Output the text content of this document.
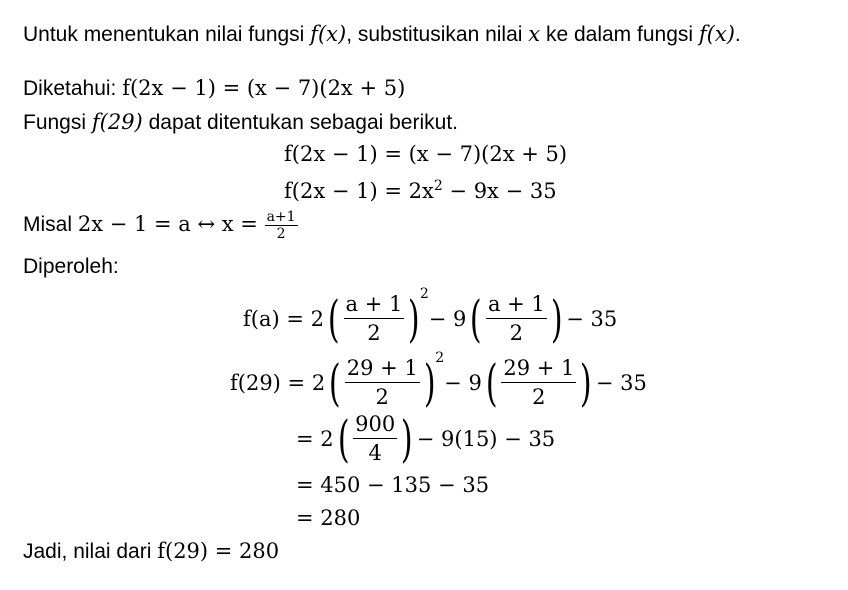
Untuk menentukan nilai fungsi f(x), substitusikan nilai x ke dalam fungsi f(x).
Diketahui: f(2x − 1) = (x − 7)(2x + 5)
Fungsi f(29) dapat ditentukan sebagai berikut.
f(2x − 1) = (x − 7)(2x + 5)
$f(2x - 1) = 2x^2 - 9x - 35$
Misal 2x − 1 = a ↔ $x = \frac{a+1}{2}$
Diperoleh:
$f(a) = 2( \frac{a + 1}{2} )^2- 9( \frac{a + 1}{2}$ )− 35
$f(29) = 2( \frac{29 + 1}{2} )^2- 9( \frac{29 + 1}{2}$ )− 35
= $2( \frac{900}{4}$ )− 9(15) − 35
= 450 − 135 − 35
= 280
Jadi, nilai dari f(29) = 280
